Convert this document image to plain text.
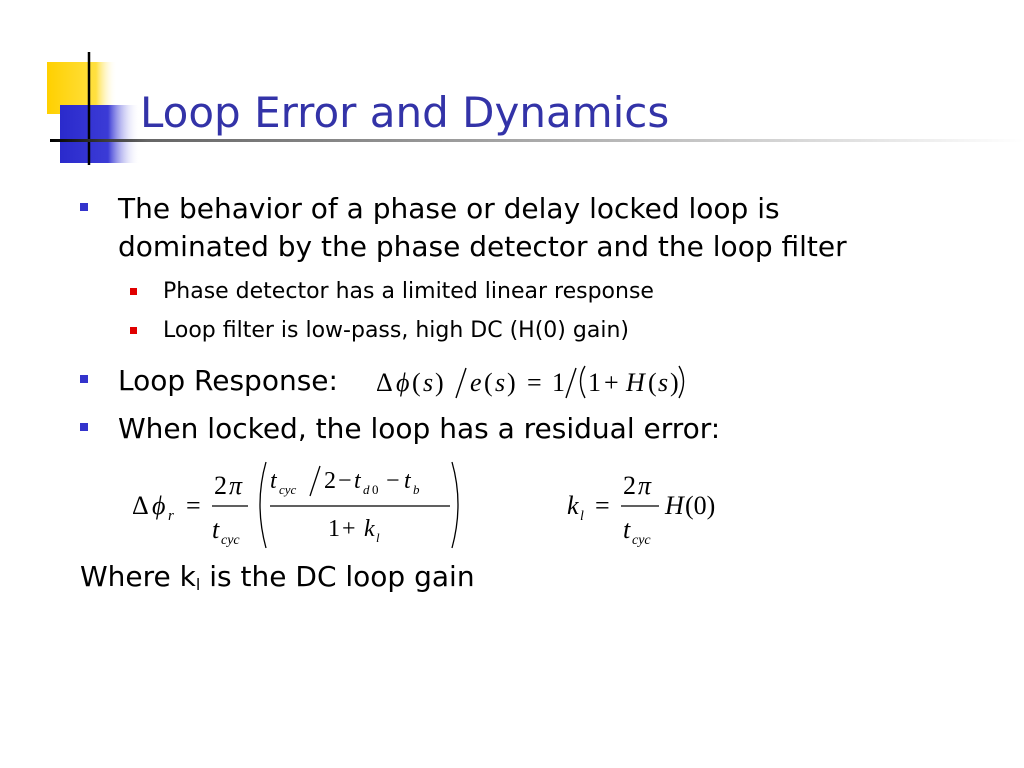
Loop Error and Dynamics
The behavior of a phase or delay locked loop is
dominated by the phase detector and the loop filter
Phase detector has a limited linear response
Loop filter is low-pass, high DC (H(0) gain)
Loop Response: Δ ϕ ( s ) e ( s ) = 1 1 + H ( s )
When locked, the loop has a residual error:
Δ ϕ r =
2 π
t cyc
t cyc 2 − t d 0 − t b
1 + k l
k l =
2 π
t cyc
H (0)
Where $k_l$ is the DC loop gain
